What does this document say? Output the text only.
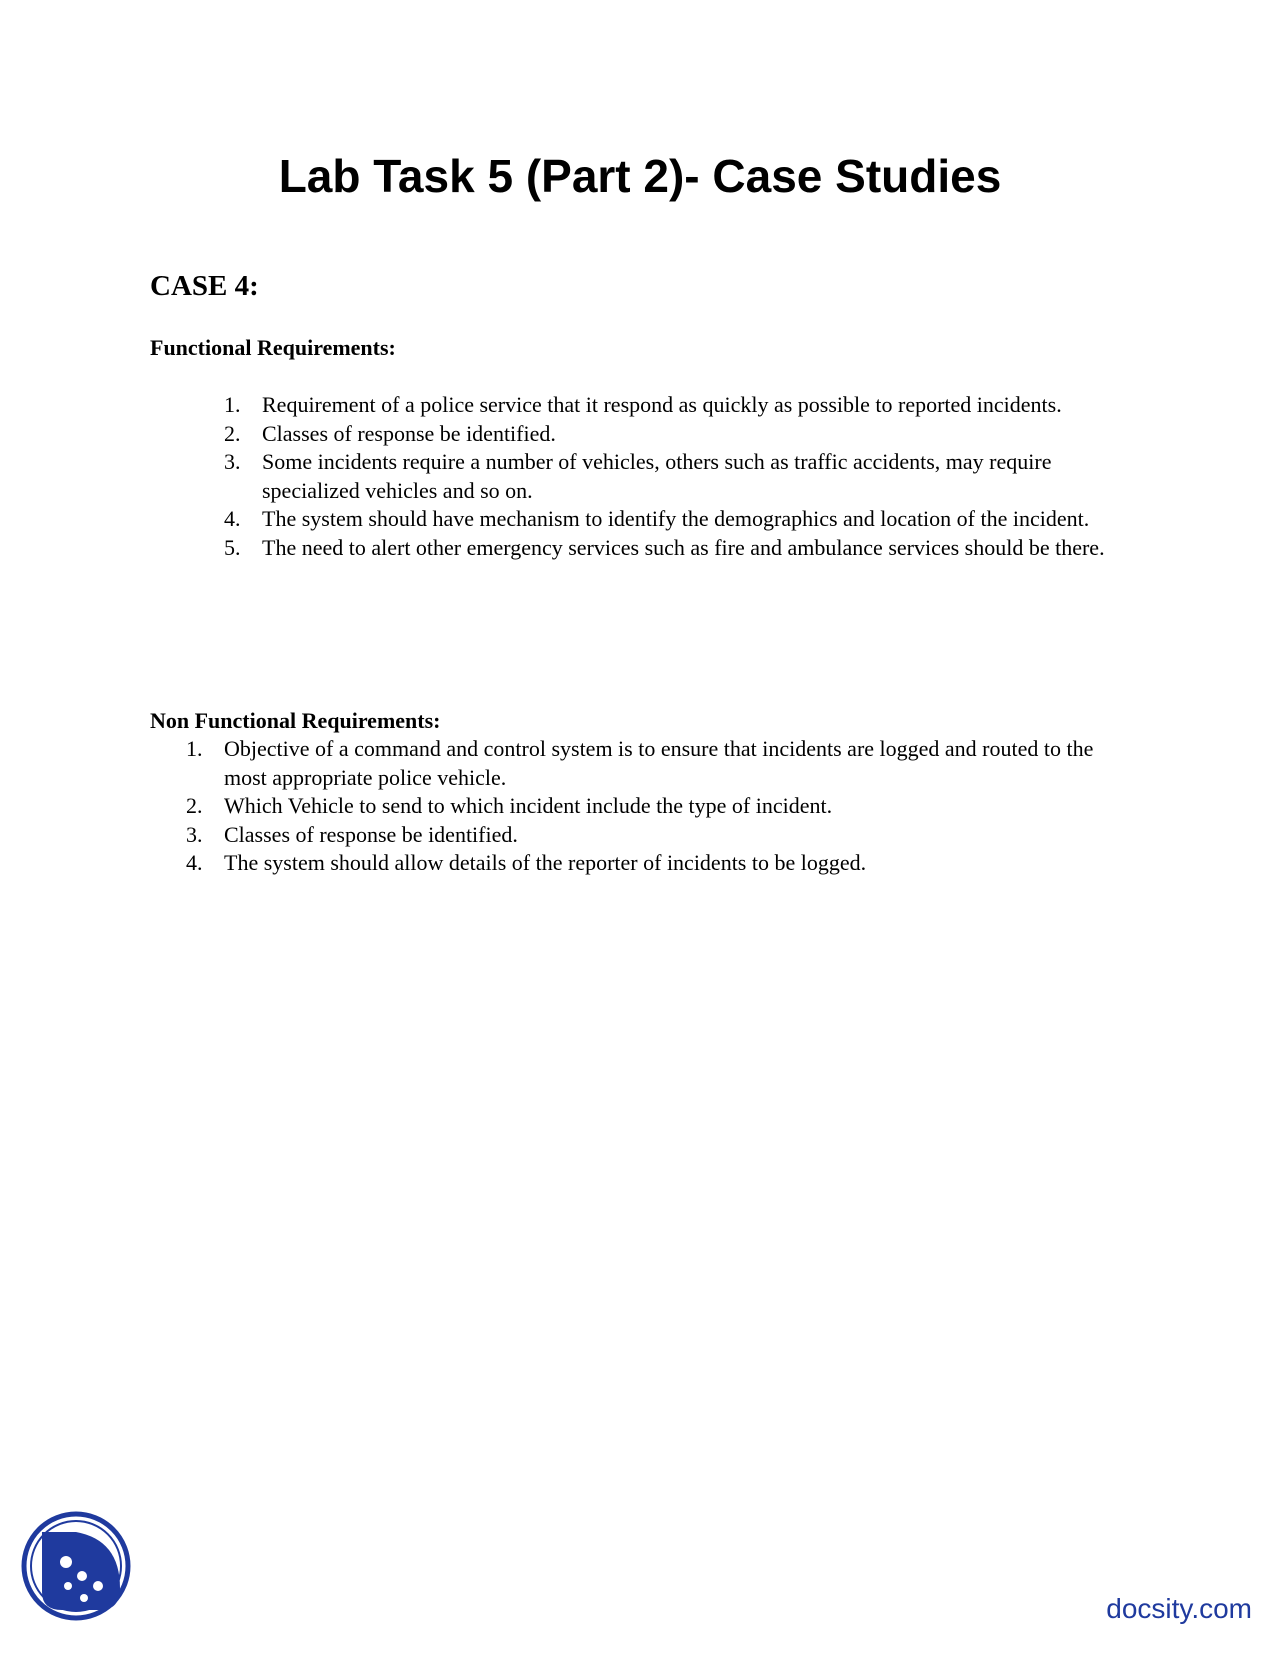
Lab Task 5 (Part 2)- Case Studies
CASE 4:
Functional Requirements:
1. Requirement of a police service that it respond as quickly as possible to reported incidents.
2. Classes of response be identified.
3. Some incidents require a number of vehicles, others such as traffic accidents, may require specialized vehicles and so on.
4. The system should have mechanism to identify the demographics and location of the incident.
5. The need to alert other emergency services such as fire and ambulance services should be there.
Non Functional Requirements:
1. Objective of a command and control system is to ensure that incidents are logged and routed to the most appropriate police vehicle.
2. Which Vehicle to send to which incident include the type of incident.
3. Classes of response be identified.
4. The system should allow details of the reporter of incidents to be logged.
docsity.com
